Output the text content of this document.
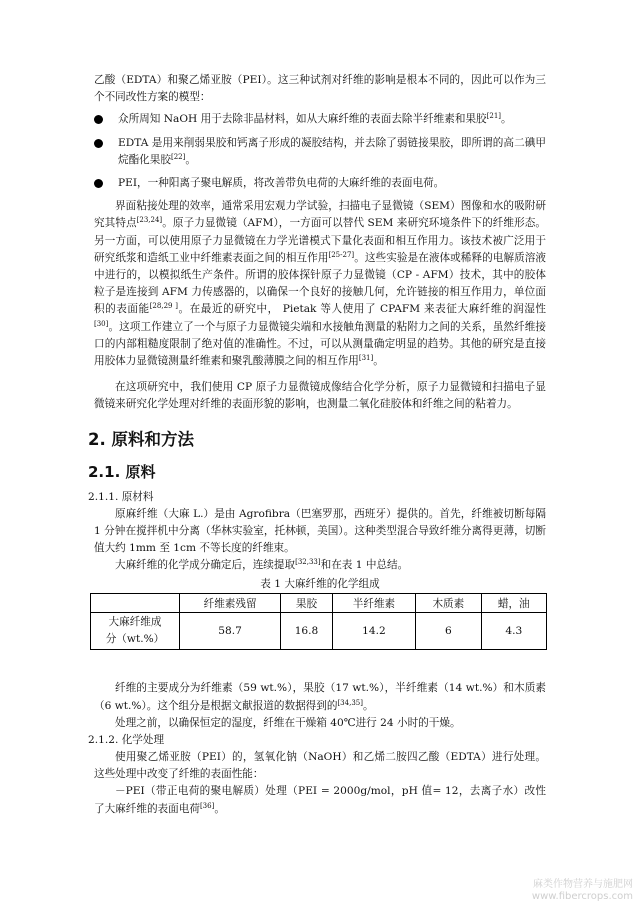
乙酸（EDTA）和聚乙烯亚胺（PEI）。这三种试剂对纤维的影响是根本不同的，因此可以作为三个不同改性方案的模型：

众所周知 NaOH 用于去除非晶材料，如从大麻纤维的表面去除半纤维素和果胶[21]。

EDTA 是用来削弱果胶和钙离子形成的凝胶结构，并去除了弱链接果胶，即所谓的高二碘甲烷酯化果胶[22]。

PEI，一种阳离子聚电解质，将改善带负电荷的大麻纤维的表面电荷。

界面粘接处理的效率，通常采用宏观力学试验，扫描电子显微镜（SEM）图像和水的吸附研究其特点[23,24]。原子力显微镜（AFM），一方面可以替代 SEM 来研究环境条件下的纤维形态。另一方面，可以使用原子力显微镜在力学光谱模式下量化表面和相互作用力。该技术被广泛用于研究纸浆和造纸工业中纤维素表面之间的相互作用[25-27]。这些实验是在液体或稀释的电解质溶液中进行的，以模拟纸生产条件。所谓的胶体探针原子力显微镜（CP - AFM）技术，其中的胶体粒子是连接到 AFM 力传感器的，以确保一个良好的接触几何，允许链接的相互作用力，单位面积的表面能[28,29 ]。在最近的研究中， Pietak 等人使用了 CPAFM 来表征大麻纤维的润湿性[30]。这项工作建立了一个与原子力显微镜尖端和水接触角测量的粘附力之间的关系，虽然纤维接口的内部粗糙度限制了绝对值的准确性。不过，可以从测量确定明显的趋势。其他的研究是直接用胶体力显微镜测量纤维素和聚乳酸薄膜之间的相互作用[31]。

在这项研究中，我们使用 CP 原子力显微镜成像结合化学分析，原子力显微镜和扫描电子显微镜来研究化学处理对纤维的表面形貌的影响，也测量二氧化硅胶体和纤维之间的粘着力。

2. 原料和方法
2.1. 原料

2.1.1. 原材料

原麻纤维（大麻 L.）是由 Agrofibra（巴塞罗那，西班牙）提供的。首先，纤维被切断每隔 1 分钟在搅拌机中分离（华林实验室，托林顿，美国）。这种类型混合导致纤维分离得更薄，切断值大约 1mm 至 1cm 不等长度的纤维束。

大麻纤维的化学成分确定后，连续提取[32,33]和在表 1 中总结。

表 1 大麻纤维的化学组成

	纤维素残留	果胶	半纤维素	木质素	蜡，油
大麻纤维成
分（wt.%）	58.7	16.8	14.2	6	4.3

纤维的主要成分为纤维素（59 wt.%），果胶（17 wt.%），半纤维素（14 wt.%）和木质素（6 wt.%）。这个组分是根据文献报道的数据得到的[34,35]。

处理之前，以确保恒定的湿度，纤维在干燥箱 40℃进行 24 小时的干燥。

2.1.2. 化学处理

使用聚乙烯亚胺（PEI）的，氢氧化钠（NaOH）和乙烯二胺四乙酸（EDTA）进行处理。这些处理中改变了纤维的表面性能：

－PEI（带正电荷的聚电解质）处理（PEI = 2000g/mol，pH 值= 12，去离子水）改性了大麻纤维的表面电荷[36]。

麻类作物营养与施肥网
www.fibercrops.com
